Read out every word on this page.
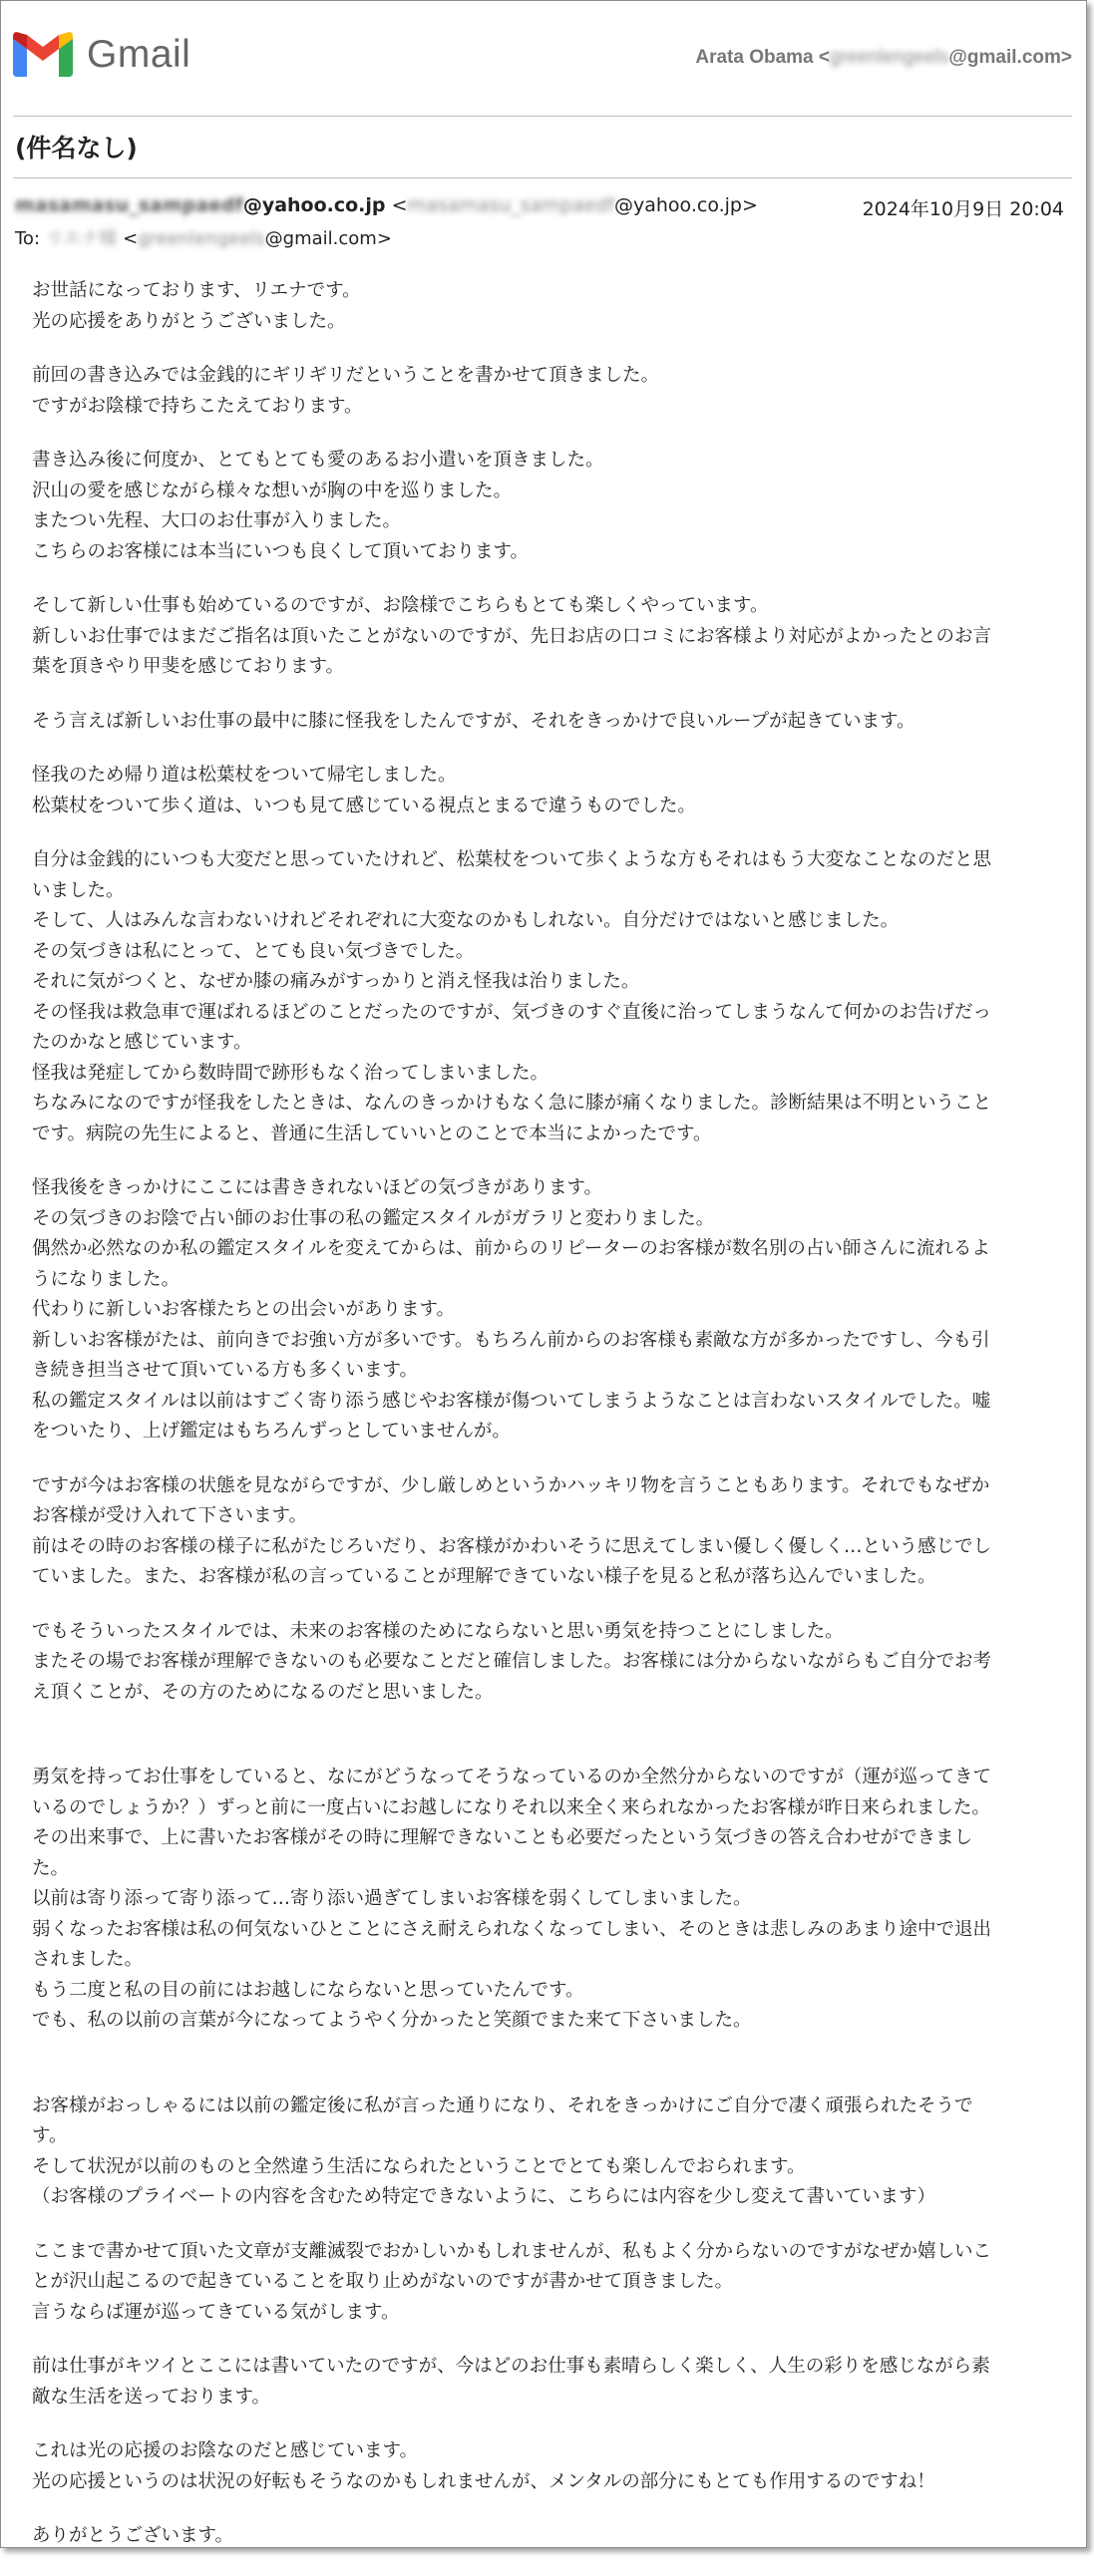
Gmail	Arata Obama <greenlengeels@gmail.com>
(件名なし)
masamasu_sampaedf@yahoo.co.jp <masamasu_sampaedf@yahoo.co.jp>	2024年10月9日 20:04
To: リエナ様 <greenlengeels@gmail.com>
お世話になっております、リエナです。
光の応援をありがとうございました。
前回の書き込みでは金銭的にギリギリだということを書かせて頂きました。
ですがお陰様で持ちこたえております。
書き込み後に何度か、とてもとても愛のあるお小遣いを頂きました。
沢山の愛を感じながら様々な想いが胸の中を巡りました。
またつい先程、大口のお仕事が入りました。
こちらのお客様には本当にいつも良くして頂いております。
そして新しい仕事も始めているのですが、お陰様でこちらもとても楽しくやっています。
新しいお仕事ではまだご指名は頂いたことがないのですが、先日お店の口コミにお客様より対応がよかったとのお言
葉を頂きやり甲斐を感じております。
そう言えば新しいお仕事の最中に膝に怪我をしたんですが、それをきっかけで良いループが起きています。
怪我のため帰り道は松葉杖をついて帰宅しました。
松葉杖をついて歩く道は、いつも見て感じている視点とまるで違うものでした。
自分は金銭的にいつも大変だと思っていたけれど、松葉杖をついて歩くような方もそれはもう大変なことなのだと思
いました。
そして、人はみんな言わないけれどそれぞれに大変なのかもしれない。自分だけではないと感じました。
その気づきは私にとって、とても良い気づきでした。
それに気がつくと、なぜか膝の痛みがすっかりと消え怪我は治りました。
その怪我は救急車で運ばれるほどのことだったのですが、気づきのすぐ直後に治ってしまうなんて何かのお告げだっ
たのかなと感じています。
怪我は発症してから数時間で跡形もなく治ってしまいました。
ちなみになのですが怪我をしたときは、なんのきっかけもなく急に膝が痛くなりました。診断結果は不明ということ
です。病院の先生によると、普通に生活していいとのことで本当によかったです。
怪我後をきっかけにここには書ききれないほどの気づきがあります。
その気づきのお陰で占い師のお仕事の私の鑑定スタイルがガラリと変わりました。
偶然か必然なのか私の鑑定スタイルを変えてからは、前からのリピーターのお客様が数名別の占い師さんに流れるよ
うになりました。
代わりに新しいお客様たちとの出会いがあります。
新しいお客様がたは、前向きでお強い方が多いです。もちろん前からのお客様も素敵な方が多かったですし、今も引
き続き担当させて頂いている方も多くいます。
私の鑑定スタイルは以前はすごく寄り添う感じやお客様が傷ついてしまうようなことは言わないスタイルでした。嘘
をついたり、上げ鑑定はもちろんずっとしていませんが。
ですが今はお客様の状態を見ながらですが、少し厳しめというかハッキリ物を言うこともあります。それでもなぜか
お客様が受け入れて下さいます。
前はその時のお客様の様子に私がたじろいだり、お客様がかわいそうに思えてしまい優しく優しく…という感じでし
ていました。また、お客様が私の言っていることが理解できていない様子を見ると私が落ち込んでいました。
でもそういったスタイルでは、未来のお客様のためにならないと思い勇気を持つことにしました。
またその場でお客様が理解できないのも必要なことだと確信しました。お客様には分からないながらもご自分でお考
え頂くことが、その方のためになるのだと思いました。
勇気を持ってお仕事をしていると、なにがどうなってそうなっているのか全然分からないのですが（運が巡ってきて
いるのでしょうか？）ずっと前に一度占いにお越しになりそれ以来全く来られなかったお客様が昨日来られました。
その出来事で、上に書いたお客様がその時に理解できないことも必要だったという気づきの答え合わせができまし
た。
以前は寄り添って寄り添って…寄り添い過ぎてしまいお客様を弱くしてしまいました。
弱くなったお客様は私の何気ないひとことにさえ耐えられなくなってしまい、そのときは悲しみのあまり途中で退出
されました。
もう二度と私の目の前にはお越しにならないと思っていたんです。
でも、私の以前の言葉が今になってようやく分かったと笑顔でまた来て下さいました。
お客様がおっしゃるには以前の鑑定後に私が言った通りになり、それをきっかけにご自分で凄く頑張られたそうで
す。
そして状況が以前のものと全然違う生活になられたということでとても楽しんでおられます。
（お客様のプライベートの内容を含むため特定できないように、こちらには内容を少し変えて書いています）
ここまで書かせて頂いた文章が支離滅裂でおかしいかもしれませんが、私もよく分からないのですがなぜか嬉しいこ
とが沢山起こるので起きていることを取り止めがないのですが書かせて頂きました。
言うならば運が巡ってきている気がします。
前は仕事がキツイとここには書いていたのですが、今はどのお仕事も素晴らしく楽しく、人生の彩りを感じながら素
敵な生活を送っております。
これは光の応援のお陰なのだと感じています。
光の応援というのは状況の好転もそうなのかもしれませんが、メンタルの部分にもとても作用するのですね！
ありがとうございます。
